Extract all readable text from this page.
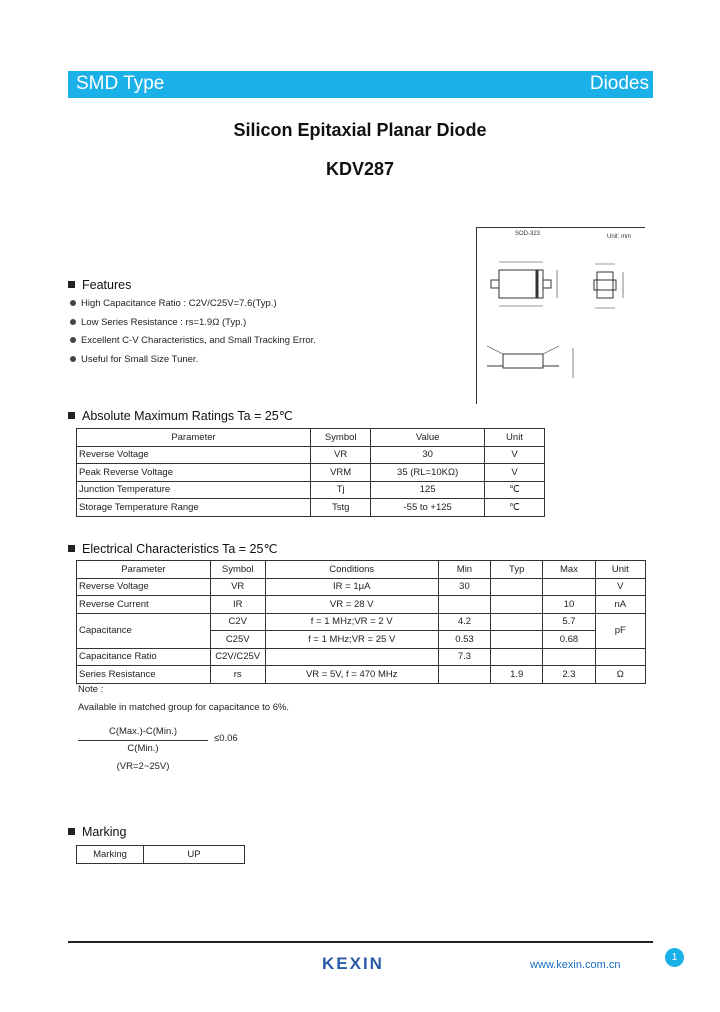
SMD Type	Diodes
Silicon Epitaxial Planar Diode
KDV287
SOD-323	Unit: mm
Features
High Capacitance Ratio : C2V/C25V=7.6(Typ.)
Low Series Resistance : rs=1.9Ω (Typ.)
Excellent C-V Characteristics, and Small Tracking Error.
Useful for Small Size Tuner.
Absolute Maximum Ratings Ta = 25℃
Parameter	Symbol	Value	Unit
Reverse Voltage	VR	30	V
Peak Reverse Voltage	VRM	35 (RL=10KΩ)	V
Junction Temperature	Tj	125	℃
Storage Temperature Range	Tstg	-55 to +125	℃
Electrical Characteristics Ta = 25℃
Parameter	Symbol	Conditions	Min	Typ	Max	Unit
Reverse Voltage	VR	IR = 1μA	30			V
Reverse Current	IR	VR = 28 V			10	nA
Capacitance	C2V	f = 1 MHz;VR = 2 V	4.2		5.7	pF
	C25V	f = 1 MHz;VR = 25 V	0.53		0.68	
Capacitance Ratio	C2V/C25V		7.3			
Series Resistance	rs	VR = 5V, f = 470 MHz		1.9	2.3	Ω
Note :
Available in matched group for capacitance to 6%.
C(Max.)-C(Min.)
≤0.06
C(Min.)
(VR=2~25V)
Marking
Marking	UP
KEXIN	www.kexin.com.cn
1
